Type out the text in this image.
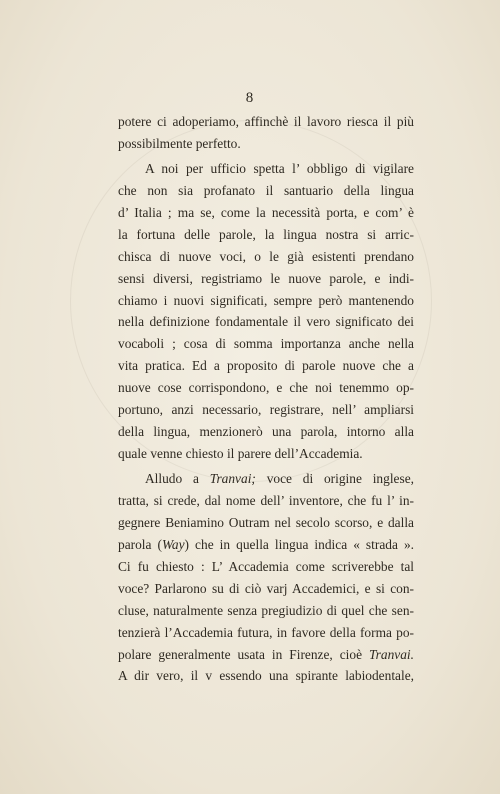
8
potere ci adoperiamo, affinchè il lavoro riesca il più
possibilmente perfetto.
A noi per ufficio spetta l’ obbligo di vigilare
che non sia profanato il santuario della lingua
d’ Italia ; ma se, come la necessità porta, e com’ è
la fortuna delle parole, la lingua nostra si arric-
chisca di nuove voci, o le già esistenti prendano
sensi diversi, registriamo le nuove parole, e indi-
chiamo i nuovi significati, sempre però mantenendo
nella definizione fondamentale il vero significato dei
vocaboli ; cosa di somma importanza anche nella
vita pratica. Ed a proposito di parole nuove che a
nuove cose corrispondono, e che noi tenemmo op-
portuno, anzi necessario, registrare, nell’ ampliarsi
della lingua, menzionerò una parola, intorno alla
quale venne chiesto il parere dell’Accademia.
Alludo a Tranvai; voce di origine inglese,
tratta, si crede, dal nome dell’ inventore, che fu l’ in-
gegnere Beniamino Outram nel secolo scorso, e dalla
parola (Way) che in quella lingua indica « strada ».
Ci fu chiesto : L’ Accademia come scriverebbe tal
voce? Parlarono su di ciò varj Accademici, e si con-
cluse, naturalmente senza pregiudizio di quel che sen-
tenzierà l’Accademia futura, in favore della forma po-
polare generalmente usata in Firenze, cioè Tranvai.
A dir vero, il v essendo una spirante labiodentale,
